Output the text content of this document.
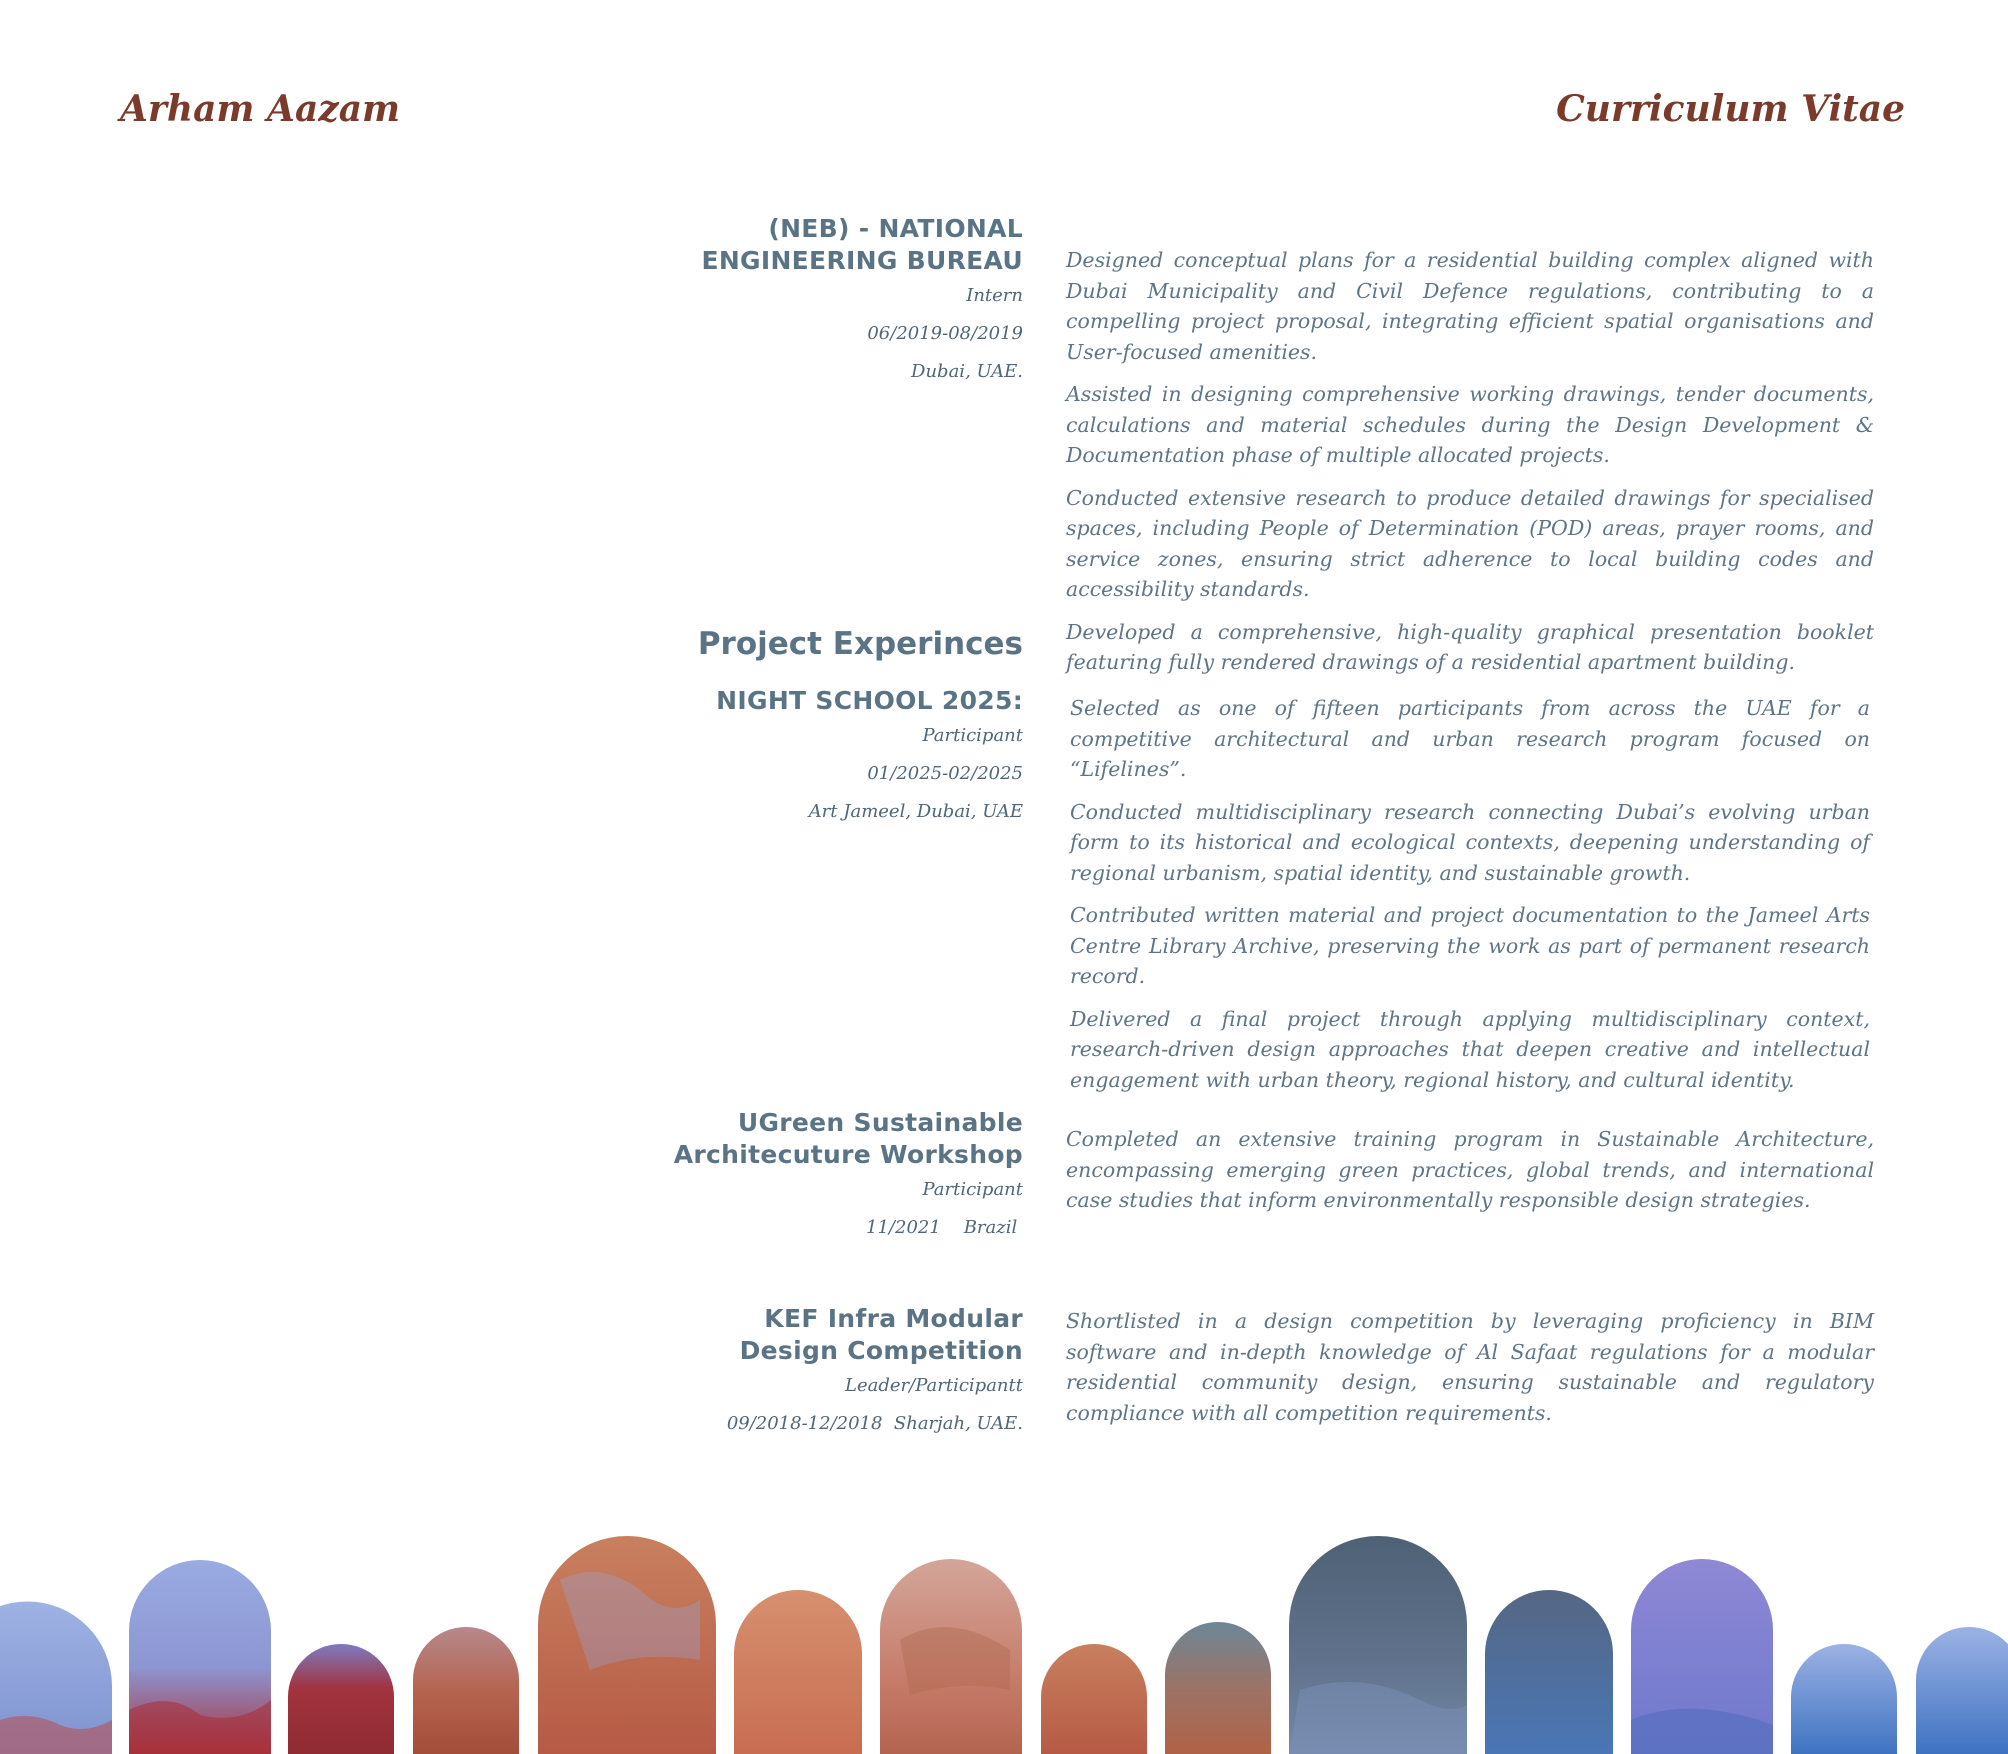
Arham Aazam	Curriculum Vitae
(NEB) - NATIONAL
ENGINEERING BUREAU
Intern
06/2019-08/2019
Dubai, UAE.

Designed conceptual plans for a residential building complex aligned with Dubai Municipality and Civil Defence regulations, contributing to a compelling project proposal, integrating efficient spatial organisations and User-focused amenities.

Assisted in designing comprehensive working drawings, tender documents, calculations and material schedules during the Design Development & Documentation phase of multiple allocated projects.

Conducted extensive research to produce detailed drawings for specialised spaces, including People of Determination (POD) areas, prayer rooms, and service zones, ensuring strict adherence to local building codes and accessibility standards.

Developed a comprehensive, high-quality graphical presentation booklet featuring fully rendered drawings of a residential apartment building.

Project Experinces
NIGHT SCHOOL 2025:
Participant
01/2025-02/2025
Art Jameel, Dubai, UAE

Selected as one of fifteen participants from across the UAE for a competitive architectural and urban research program focused on “Lifelines”.

Conducted multidisciplinary research connecting Dubai’s evolving urban form to its historical and ecological contexts, deepening understanding of regional urbanism, spatial identity, and sustainable growth.

Contributed written material and project documentation to the Jameel Arts Centre Library Archive, preserving the work as part of permanent research record.

Delivered a final project through applying multidisciplinary context, research-driven design approaches that deepen creative and intellectual engagement with urban theory, regional history, and cultural identity.

UGreen Sustainable
Architecuture Workshop
Participant
11/2021 Brazil

Completed an extensive training program in Sustainable Architecture, encompassing emerging green practices, global trends, and international case studies that inform environmentally responsible design strategies.

KEF Infra Modular
Design Competition
Leader/Participantt
09/2018-12/2018 Sharjah, UAE.

Shortlisted in a design competition by leveraging proficiency in BIM software and in-depth knowledge of Al Safaat regulations for a modular residential community design, ensuring sustainable and regulatory compliance with all competition requirements.
